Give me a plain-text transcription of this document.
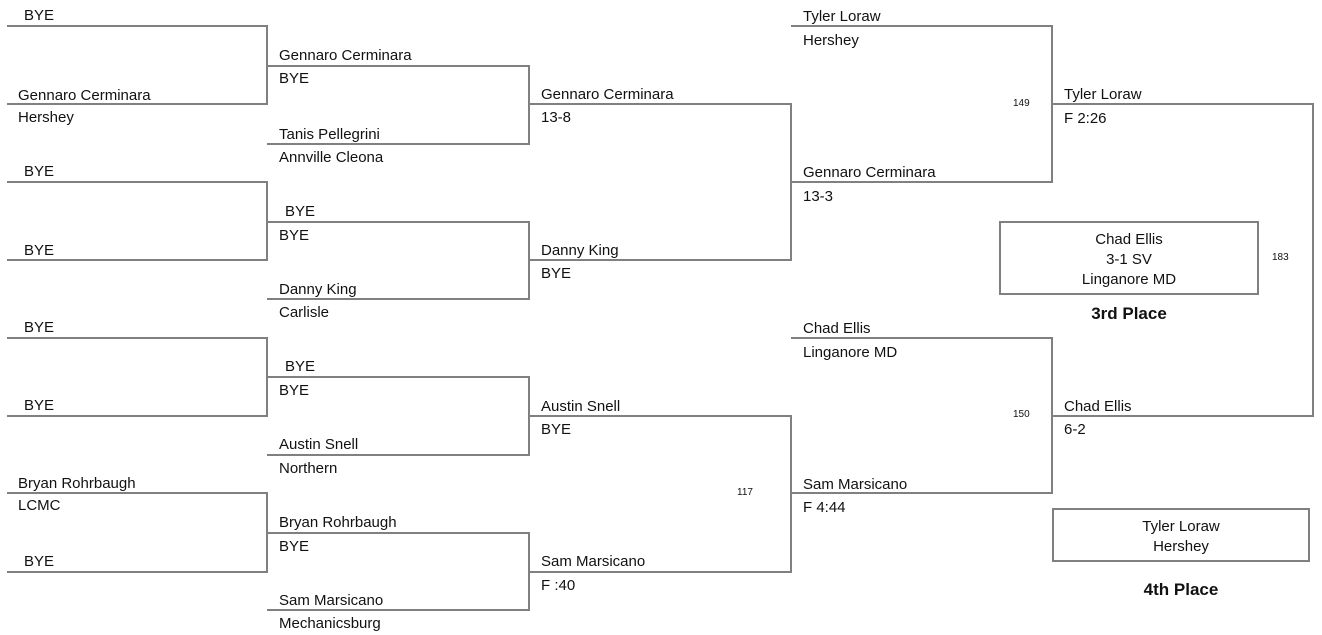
BYE
Gennaro Cerminara
Hershey
BYE
BYE
BYE
BYE
Bryan Rohrbaugh
LCMC
BYE
Gennaro Cerminara
BYE
Tanis Pellegrini
Annville Cleona
BYE
BYE
Danny King
Carlisle
BYE
BYE
Austin Snell
Northern
Bryan Rohrbaugh
BYE
Sam Marsicano
Mechanicsburg
Gennaro Cerminara
13-8
Danny King
BYE
Austin Snell
BYE
117
Sam Marsicano
F :40
Tyler Loraw
Hershey
Gennaro Cerminara
13-3
Chad Ellis
Linganore MD
Sam Marsicano
F 4:44
149
Tyler Loraw
F 2:26
150 Chad Ellis
6-2
183
Chad Ellis
3-1 SV
Linganore MD
3rd Place
Tyler Loraw
Hershey
4th Place
